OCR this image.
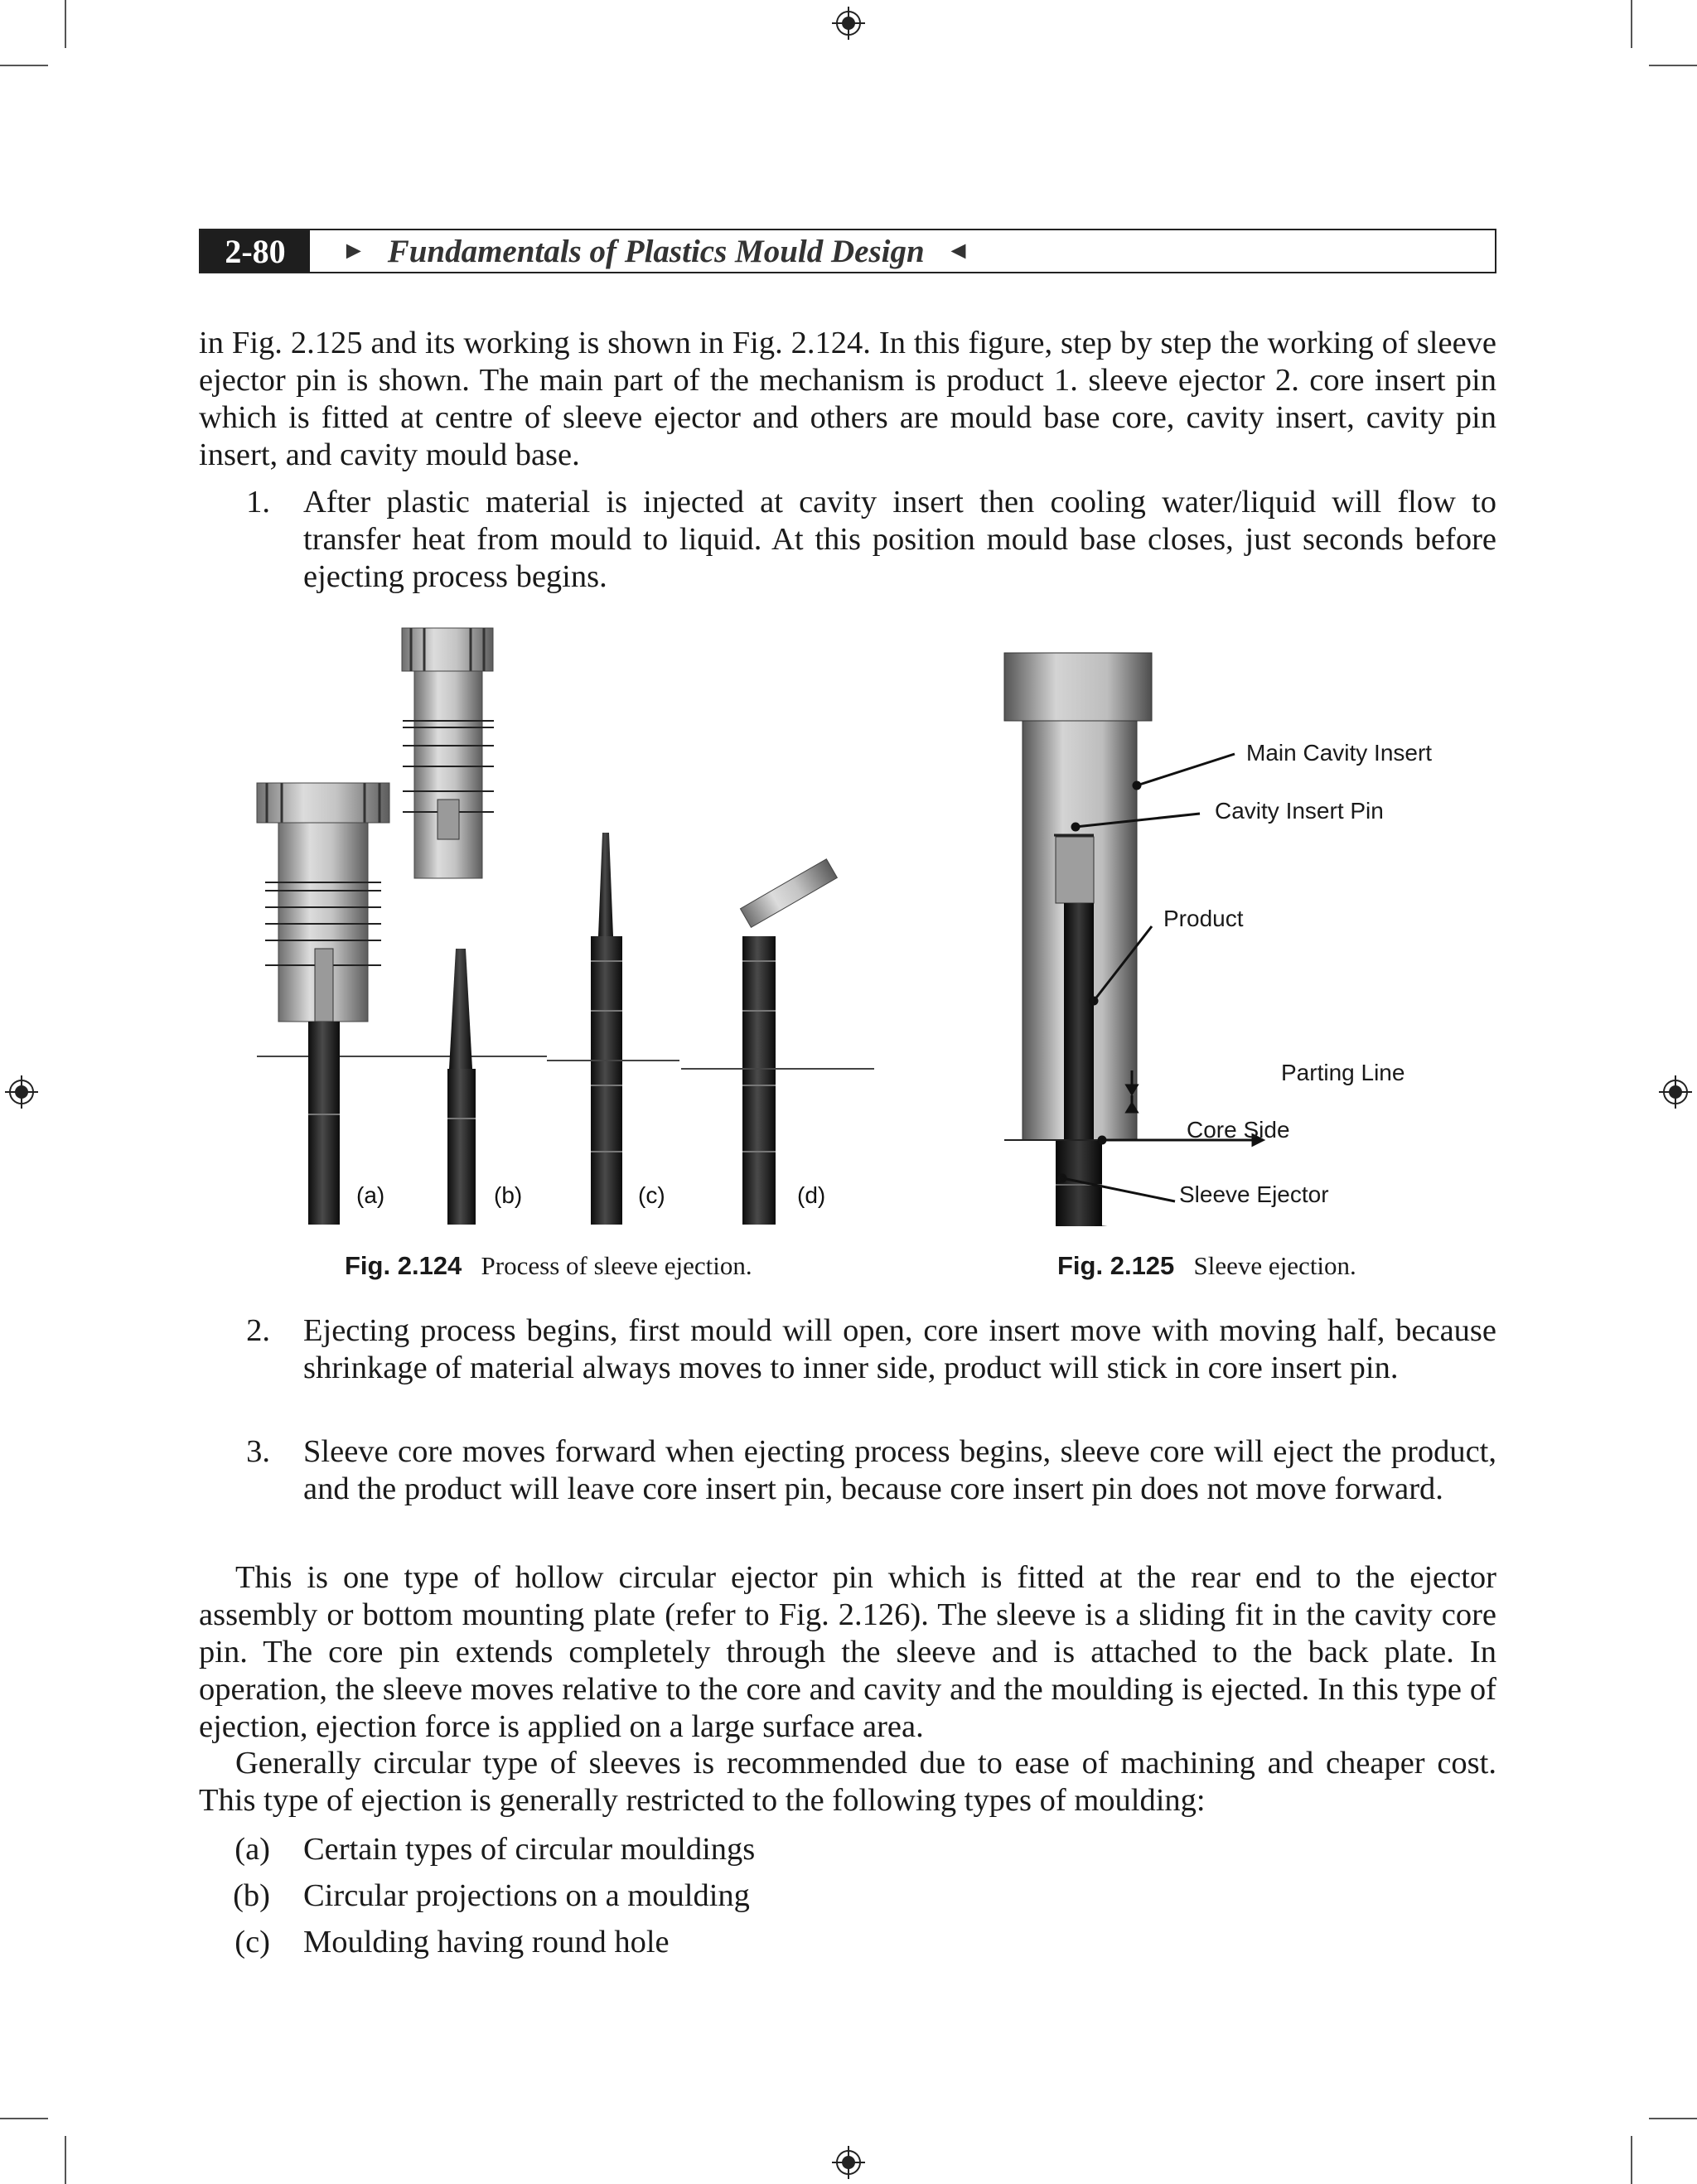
2-80	► Fundamentals of Plastics Mould Design ◄
in Fig. 2.125 and its working is shown in Fig. 2.124. In this figure, step by step the working of sleeve ejector pin is shown. The main part of the mechanism is product 1. sleeve ejector 2. core insert pin which is fitted at centre of sleeve ejector and others are mould base core, cavity insert, cavity pin insert, and cavity mould base.
1. After plastic material is injected at cavity insert then cooling water/liquid will flow to transfer heat from mould to liquid. At this position mould base closes, just seconds before ejecting process begins.
(a)	(b)	(c)	(d)
Main Cavity Insert
Cavity Insert Pin
Product
Parting Line
Core Side
Sleeve Ejector
Fig. 2.124 Process of sleeve ejection.	Fig. 2.125 Sleeve ejection.
2. Ejecting process begins, first mould will open, core insert move with moving half, because shrinkage of material always moves to inner side, product will stick in core insert pin.
3. Sleeve core moves forward when ejecting process begins, sleeve core will eject the product, and the product will leave core insert pin, because core insert pin does not move forward.
This is one type of hollow circular ejector pin which is fitted at the rear end to the ejector assembly or bottom mounting plate (refer to Fig. 2.126). The sleeve is a sliding fit in the cavity core pin. The core pin extends completely through the sleeve and is attached to the back plate. In operation, the sleeve moves relative to the core and cavity and the moulding is ejected. In this type of ejection, ejection force is applied on a large surface area.
Generally circular type of sleeves is recommended due to ease of machining and cheaper cost. This type of ejection is generally restricted to the following types of moulding:
(a) Certain types of circular mouldings
(b) Circular projections on a moulding
(c) Moulding having round hole
